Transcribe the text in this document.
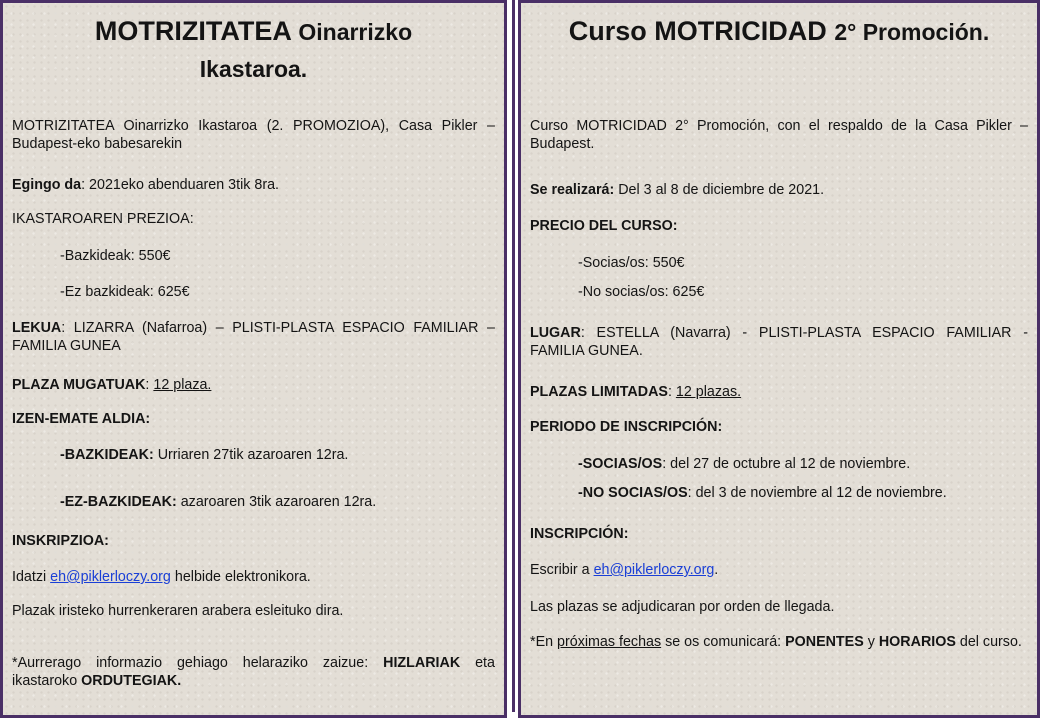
MOTRIZITATEA Oinarrizko
Ikastaroa.

MOTRIZITATEA Oinarrizko Ikastaroa (2. PROMOZIOA), Casa Pikler – Budapest-eko babesarekin

Egingo da: 2021eko abenduaren 3tik 8ra.

IKASTAROAREN PREZIOA:

-Bazkideak: 550€

-Ez bazkideak: 625€

LEKUA: LIZARRA (Nafarroa) – PLISTI-PLASTA ESPACIO FAMILIAR – FAMILIA GUNEA

PLAZA MUGATUAK: 12 plaza.

IZEN-EMATE ALDIA:

-BAZKIDEAK: Urriaren 27tik azaroaren 12ra.

-EZ-BAZKIDEAK: azaroaren 3tik azaroaren 12ra.

INSKRIPZIOA:

Idatzi eh@piklerloczy.org helbide elektronikora.

Plazak iristeko hurrenkeraren arabera esleituko dira.

*Aurrerago informazio gehiago helaraziko zaizue: HIZLARIAK eta ikastaroko ORDUTEGIAK.

Curso MOTRICIDAD 2° Promoción.

Curso MOTRICIDAD 2° Promoción, con el respaldo de la Casa Pikler – Budapest.

Se realizará: Del 3 al 8 de diciembre de 2021.

PRECIO DEL CURSO:

-Socias/os: 550€

-No socias/os: 625€

LUGAR: ESTELLA (Navarra) - PLISTI-PLASTA ESPACIO FAMILIAR - FAMILIA GUNEA.

PLAZAS LIMITADAS: 12 plazas.

PERIODO DE INSCRIPCIÓN:

-SOCIAS/OS: del 27 de octubre al 12 de noviembre.

-NO SOCIAS/OS: del 3 de noviembre al 12 de noviembre.

INSCRIPCIÓN:

Escribir a eh@piklerloczy.org.

Las plazas se adjudicaran por orden de llegada.

*En próximas fechas se os comunicará: PONENTES y HORARIOS del curso.
